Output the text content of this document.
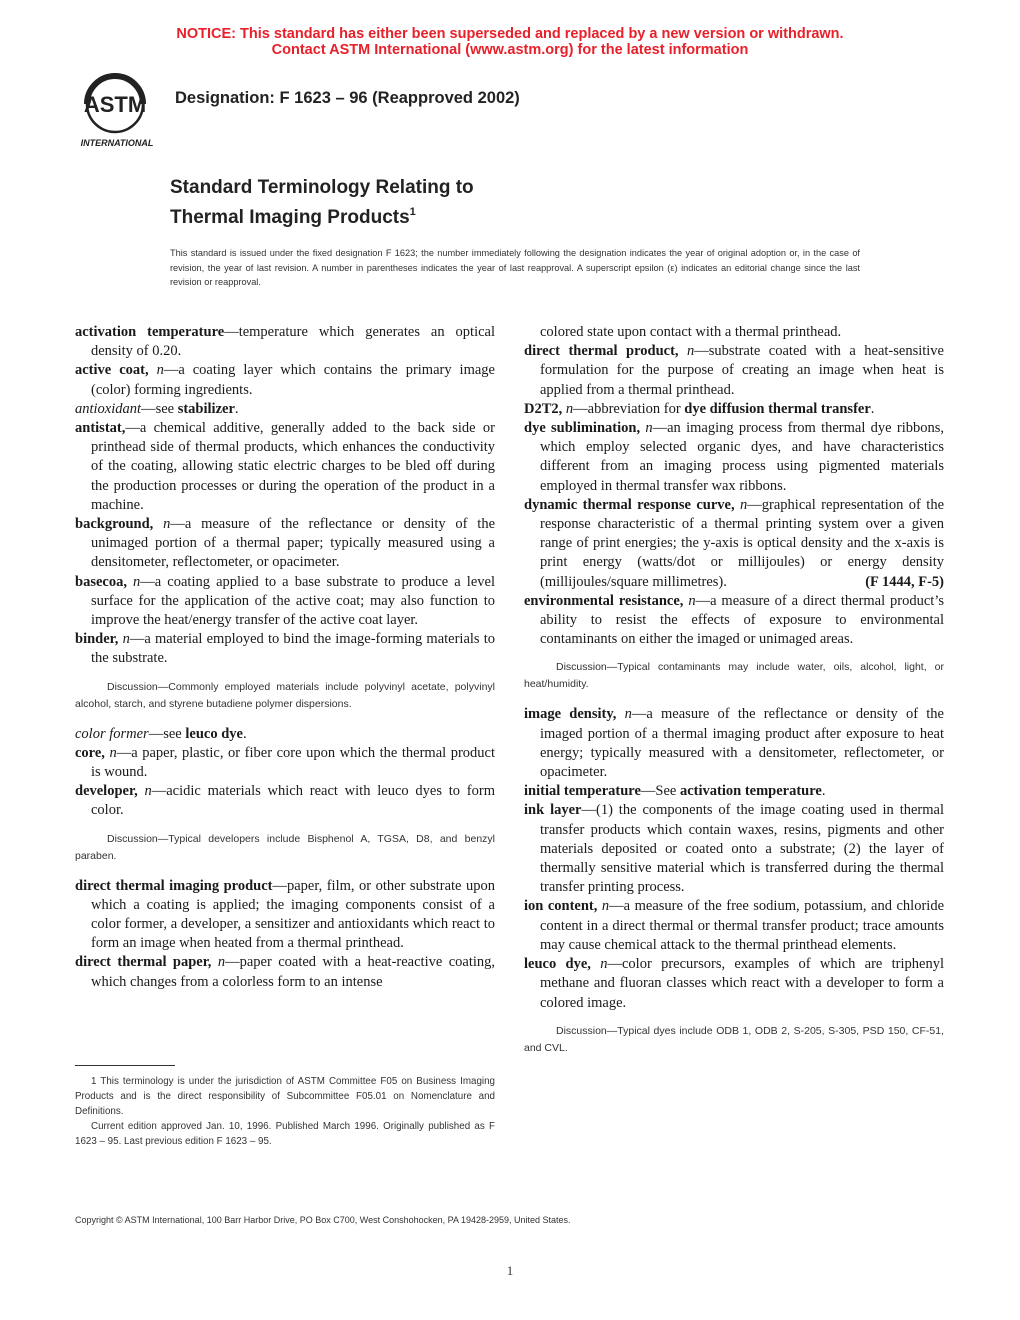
NOTICE: This standard has either been superseded and replaced by a new version or withdrawn.
Contact ASTM International (www.astm.org) for the latest information
ASTM
INTERNATIONAL
Designation: F 1623 – 96 (Reapproved 2002)
Standard Terminology Relating to
Thermal Imaging Products$^1$
This standard is issued under the fixed designation F 1623; the number immediately following the designation indicates the year of original adoption or, in the case of revision, the year of last revision. A number in parentheses indicates the year of last reapproval. A superscript epsilon (ε) indicates an editorial change since the last revision or reapproval.

activation temperature—temperature which generates an optical density of 0.20.

active coat, n—a coating layer which contains the primary image (color) forming ingredients.

antioxidant—see stabilizer.

antistat,—a chemical additive, generally added to the back side or printhead side of thermal products, which enhances the conductivity of the coating, allowing static electric charges to be bled off during the production processes or during the operation of the product in a machine.

background, n—a measure of the reflectance or density of the unimaged portion of a thermal paper; typically measured using a densitometer, reflectometer, or opacimeter.

basecoa, n—a coating applied to a base substrate to produce a level surface for the application of the active coat; may also function to improve the heat/energy transfer of the active coat layer.

binder, n—a material employed to bind the image-forming materials to the substrate.

Discussion—Commonly employed materials include polyvinyl acetate, polyvinyl alcohol, starch, and styrene butadiene polymer dispersions.

color former—see leuco dye.

core, n—a paper, plastic, or fiber core upon which the thermal product is wound.

developer, n—acidic materials which react with leuco dyes to form color.

Discussion—Typical developers include Bisphenol A, TGSA, D8, and benzyl paraben.

direct thermal imaging product—paper, film, or other substrate upon which a coating is applied; the imaging components consist of a color former, a developer, a sensitizer and antioxidants which react to form an image when heated from a thermal printhead.

direct thermal paper, n—paper coated with a heat-reactive coating, which changes from a colorless form to an intense

colored state upon contact with a thermal printhead.

direct thermal product, n—substrate coated with a heat-sensitive formulation for the purpose of creating an image when heat is applied from a thermal printhead.

D2T2, n—abbreviation for dye diffusion thermal transfer.

dye sublimination, n—an imaging process from thermal dye ribbons, which employ selected organic dyes, and have characteristics different from an imaging process using pigmented materials employed in thermal transfer wax ribbons.

dynamic thermal response curve, n—graphical representation of the response characteristic of a thermal printing system over a given range of print energies; the y-axis is optical density and the x-axis is print energy (watts/dot or millijoules) or energy density (millijoules/square millimetres).	(F 1444, F-5)

environmental resistance, n—a measure of a direct thermal product’s ability to resist the effects of exposure to environmental contaminants on either the imaged or unimaged areas.

Discussion—Typical contaminants may include water, oils, alcohol, light, or heat/humidity.

image density, n—a measure of the reflectance or density of the imaged portion of a thermal imaging product after exposure to heat energy; typically measured with a densitometer, reflectometer, or opacimeter.

initial temperature—See activation temperature.

ink layer—(1) the components of the image coating used in thermal transfer products which contain waxes, resins, pigments and other materials deposited or coated onto a substrate; (2) the layer of thermally sensitive material which is transferred during the thermal transfer printing process.

ion content, n—a measure of the free sodium, potassium, and chloride content in a direct thermal or thermal transfer product; trace amounts may cause chemical attack to the thermal printhead elements.

leuco dye, n—color precursors, examples of which are triphenyl methane and fluoran classes which react with a developer to form a colored image.

Discussion—Typical dyes include ODB 1, ODB 2, S-205, S-305, PSD 150, CF-51, and CVL.

1 This terminology is under the jurisdiction of ASTM Committee F05 on Business Imaging Products and is the direct responsibility of Subcommittee F05.01 on Nomenclature and Definitions.

Current edition approved Jan. 10, 1996. Published March 1996. Originally published as F 1623 – 95. Last previous edition F 1623 – 95.

Copyright © ASTM International, 100 Barr Harbor Drive, PO Box C700, West Conshohocken, PA 19428-2959, United States.
1
